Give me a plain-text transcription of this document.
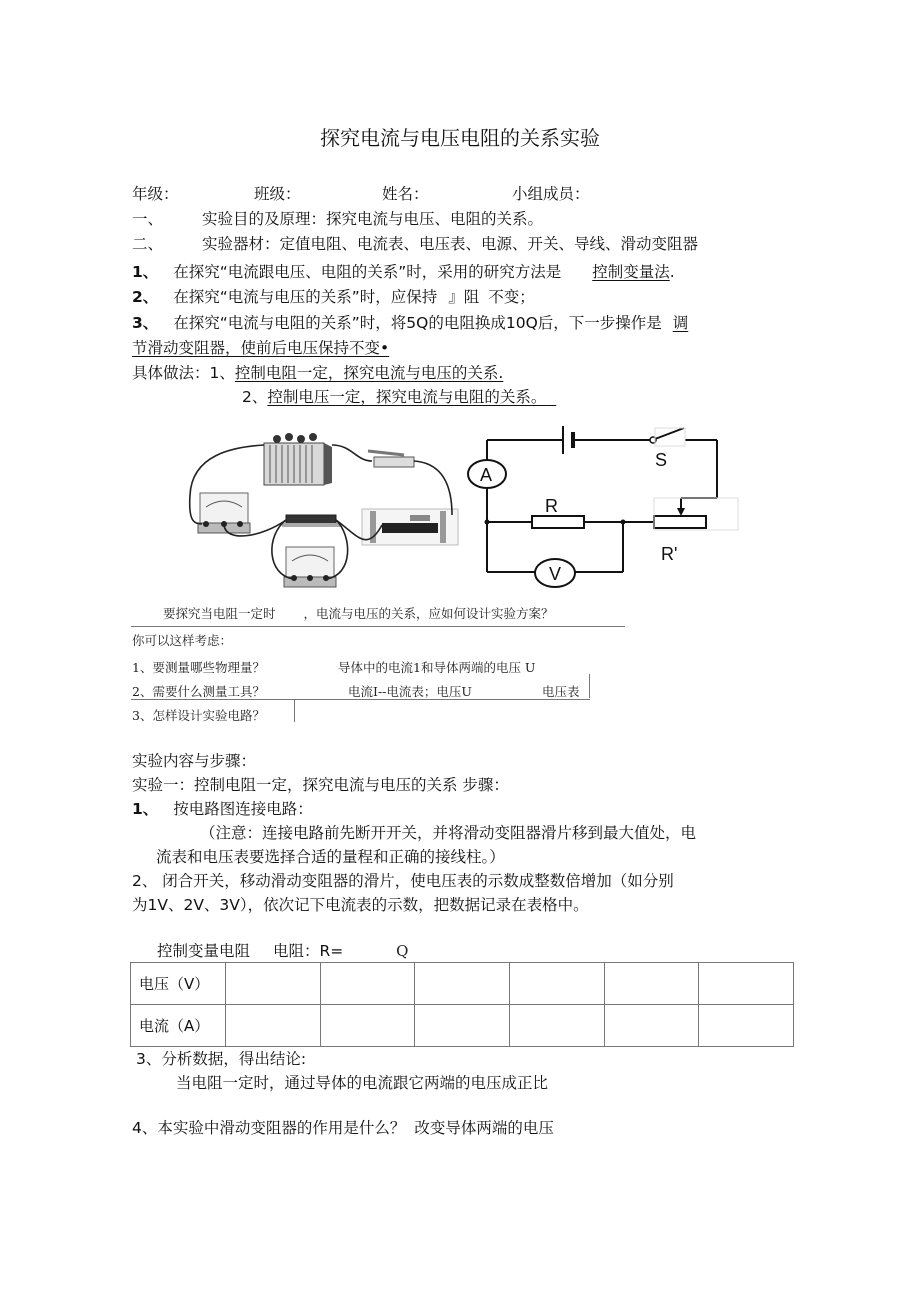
探究电流与电压电阻的关系实验
年级：	班级：	姓名：	小组成员：
一、	实验目的及原理：探究电流与电压、电阻的关系。
二、	实验器材：定值电阻、电流表、电压表、电源、开关、导线、滑动变阻器
1、 在探究“电流跟电压、电阻的关系”时，采用的研究方法是 控制变量法.
2、 在探究“电流与电压的关系”时，应保持 』阻 不变；
3、 在探究“电流与电阻的关系”时，将5Q的电阻换成10Q后，下一步操作是 调
节滑动变阻器，使前后电压保持不变•
具体做法：1、控制电阻一定，探究电流与电压的关系.
2、控制电压一定，探究电流与电阻的关系。
S
A
R
R'
V
要探究当电阻一定时 ，电流与电压的关系，应如何设计实验方案？
你可以这样考虑：
1、要测量哪些物理量？	导体中的电流1和导体两端的电压 U
2、需要什么测量工具？	电流I--电流表；电压U	电压表
3、怎样设计实验电路？
实验内容与步骤：
实验一：控制电阻一定，探究电流与电压的关系 步骤：
1、 按电路图连接电路：
（注意：连接电路前先断开开关，并将滑动变阻器滑片移到最大值处，电
流表和电压表要选择合适的量程和正确的接线柱。）
2、 闭合开关，移动滑动变阻器的滑片，使电压表的示数成整数倍增加（如分别
为1V、2V、3V），依次记下电流表的示数，把数据记录在表格中。
控制变量电阻 电阻：R=	Q
电压（V）						
电流（A）						
3、分析数据，得出结论:
当电阻一定时，通过导体的电流跟它两端的电压成正比
4、本实验中滑动变阻器的作用是什么？ 改变导体两端的电压
